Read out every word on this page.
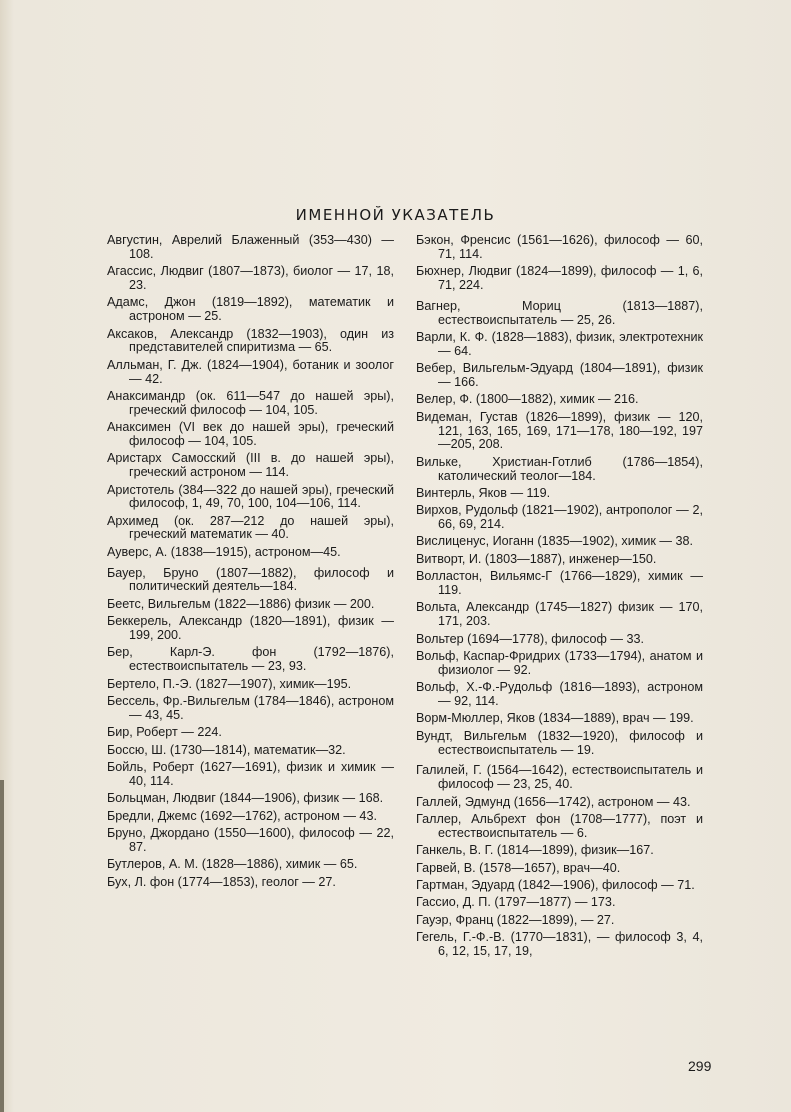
ИМЕННОЙ УКАЗАТЕЛЬ
Августин, Аврелий Блаженный (353—430) — 108.
Агассис, Людвиг (1807—1873), биолог — 17, 18, 23.
Адамс, Джон (1819—1892), математик и астроном — 25.
Аксаков, Александр (1832—1903), один из представителей спиритизма — 65.
Алльман, Г. Дж. (1824—1904), ботаник и зоолог — 42.
Анаксимандр (ок. 611—547 до нашей эры), греческий философ — 104, 105.
Анаксимен (VI век до нашей эры), греческий философ — 104, 105.
Аристарх Самосский (III в. до нашей эры), греческий астроном — 114.
Аристотель (384—322 до нашей эры), греческий философ, 1, 49, 70, 100, 104—106, 114.
Архимед (ок. 287—212 до нашей эры), греческий математик — 40.
Ауверс, А. (1838—1915), астроном—45.
Бауер, Бруно (1807—1882), философ и политический деятель—184.
Беетс, Вильгельм (1822—1886) физик — 200.
Беккерель, Александр (1820—1891), физик — 199, 200.
Бер, Карл-Э. фон (1792—1876), естествоиспытатель — 23, 93.
Бертело, П.-Э. (1827—1907), химик—195.
Бессель, Фр.-Вильгельм (1784—1846), астроном — 43, 45.
Бир, Роберт — 224.
Боссю, Ш. (1730—1814), математик—32.
Бойль, Роберт (1627—1691), физик и химик — 40, 114.
Больцман, Людвиг (1844—1906), физик — 168.
Бредли, Джемс (1692—1762), астроном — 43.
Бруно, Джордано (1550—1600), философ — 22, 87.
Бутлеров, А. М. (1828—1886), химик — 65.
Бух, Л. фон (1774—1853), геолог — 27.
Бэкон, Френсис (1561—1626), философ — 60, 71, 114.
Бюхнер, Людвиг (1824—1899), философ — 1, 6, 71, 224.
Вагнер, Мориц (1813—1887), естествоиспытатель — 25, 26.
Варли, К. Ф. (1828—1883), физик, электротехник — 64.
Вебер, Вильгельм-Эдуард (1804—1891), физик — 166.
Велер, Ф. (1800—1882), химик — 216.
Видеман, Густав (1826—1899), физик — 120, 121, 163, 165, 169, 171—178, 180—192, 197—205, 208.
Вильке, Христиан-Готлиб (1786—1854), католический теолог—184.
Винтерль, Яков — 119.
Вирхов, Рудольф (1821—1902), антрополог — 2, 66, 69, 214.
Вислиценус, Иоганн (1835—1902), химик — 38.
Витворт, И. (1803—1887), инженер—150.
Волластон, Вильямс-Г (1766—1829), химик — 119.
Вольта, Александр (1745—1827) физик — 170, 171, 203.
Вольтер (1694—1778), философ — 33.
Вольф, Каспар-Фридрих (1733—1794), анатом и физиолог — 92.
Вольф, Х.-Ф.-Рудольф (1816—1893), астроном — 92, 114.
Ворм-Мюллер, Яков (1834—1889), врач — 199.
Вундт, Вильгельм (1832—1920), философ и естествоиспытатель — 19.
Галилей, Г. (1564—1642), естествоиспытатель и философ — 23, 25, 40.
Галлей, Эдмунд (1656—1742), астроном — 43.
Галлер, Альбрехт фон (1708—1777), поэт и естествоиспытатель — 6.
Ганкель, В. Г. (1814—1899), физик—167.
Гарвей, В. (1578—1657), врач—40.
Гартман, Эдуард (1842—1906), философ — 71.
Гассио, Д. П. (1797—1877) — 173.
Гауэр, Франц (1822—1899), — 27.
Гегель, Г.-Ф.-В. (1770—1831), — философ 3, 4, 6, 12, 15, 17, 19,
299
